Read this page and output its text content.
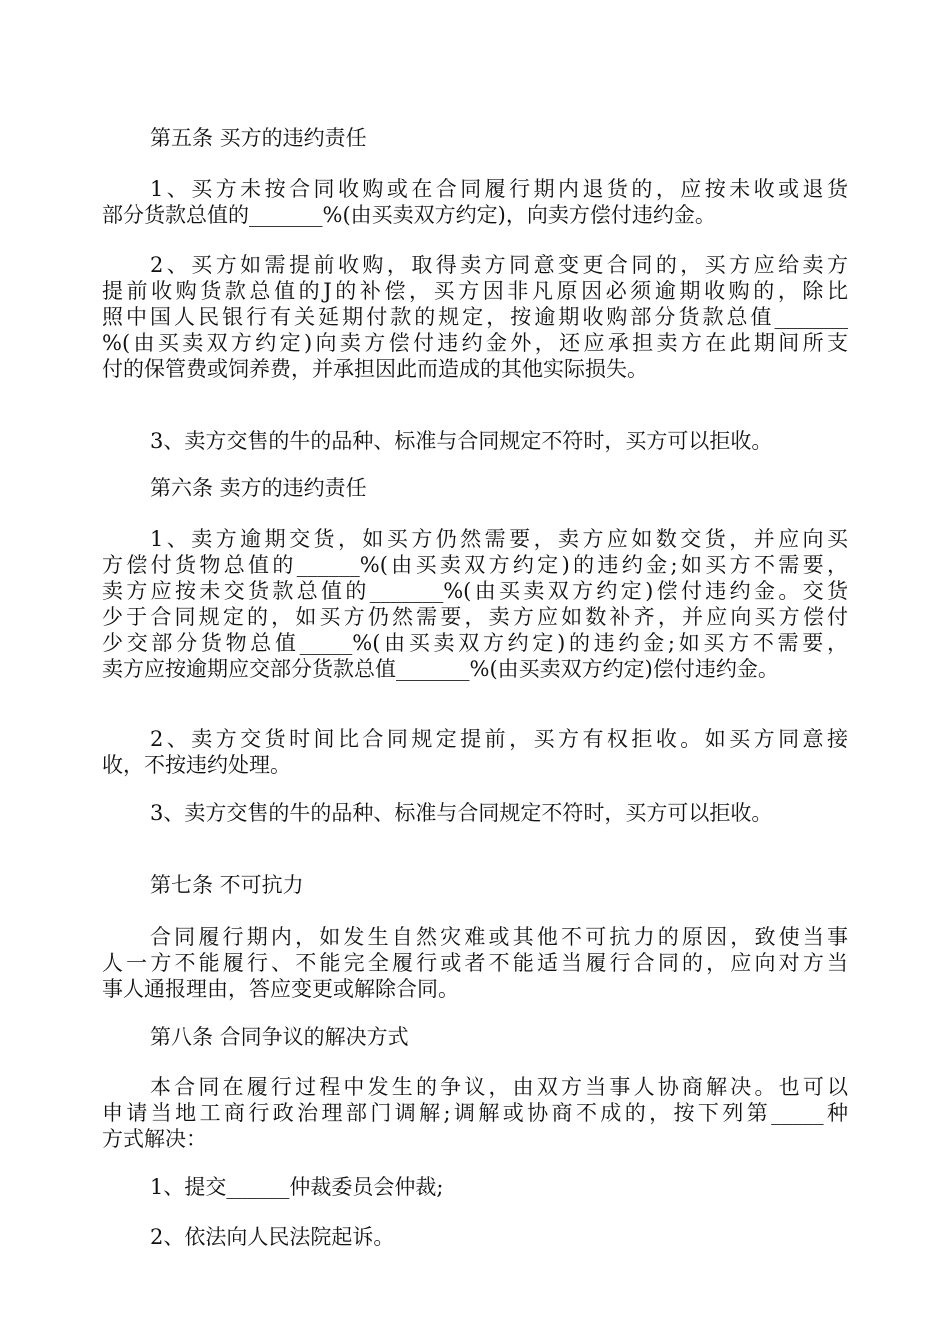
第五条 买方的违约责任
1、买方未按合同收购或在合同履行期内退货的，应按未收或退货
部分货款总值的_______%(由买卖双方约定)，向卖方偿付违约金。
2、买方如需提前收购，取得卖方同意变更合同的，买方应给卖方
提前收购货款总值的J的补偿，买方因非凡原因必须逾期收购的，除比
照中国人民银行有关延期付款的规定，按逾期收购部分货款总值_______
%(由买卖双方约定)向卖方偿付违约金外，还应承担卖方在此期间所支
付的保管费或饲养费，并承担因此而造成的其他实际损失。
3、卖方交售的牛的品种、标准与合同规定不符时，买方可以拒收。
第六条 卖方的违约责任
1、卖方逾期交货，如买方仍然需要，卖方应如数交货，并应向买
方偿付货物总值的______%(由买卖双方约定)的违约金;如买方不需要，
卖方应按未交货款总值的_______%(由买卖双方约定)偿付违约金。交货
少于合同规定的，如买方仍然需要，卖方应如数补齐，并应向买方偿付
少交部分货物总值_____%(由买卖双方约定)的违约金;如买方不需要，
卖方应按逾期应交部分货款总值_______%(由买卖双方约定)偿付违约金。
2、卖方交货时间比合同规定提前，买方有权拒收。如买方同意接
收，不按违约处理。
3、卖方交售的牛的品种、标准与合同规定不符时，买方可以拒收。
第七条 不可抗力
合同履行期内，如发生自然灾难或其他不可抗力的原因，致使当事
人一方不能履行、不能完全履行或者不能适当履行合同的，应向对方当
事人通报理由，答应变更或解除合同。
第八条 合同争议的解决方式
本合同在履行过程中发生的争议，由双方当事人协商解决。也可以
申请当地工商行政治理部门调解;调解或协商不成的，按下列第_____种
方式解决：
1、提交______仲裁委员会仲裁;
2、依法向人民法院起诉。
